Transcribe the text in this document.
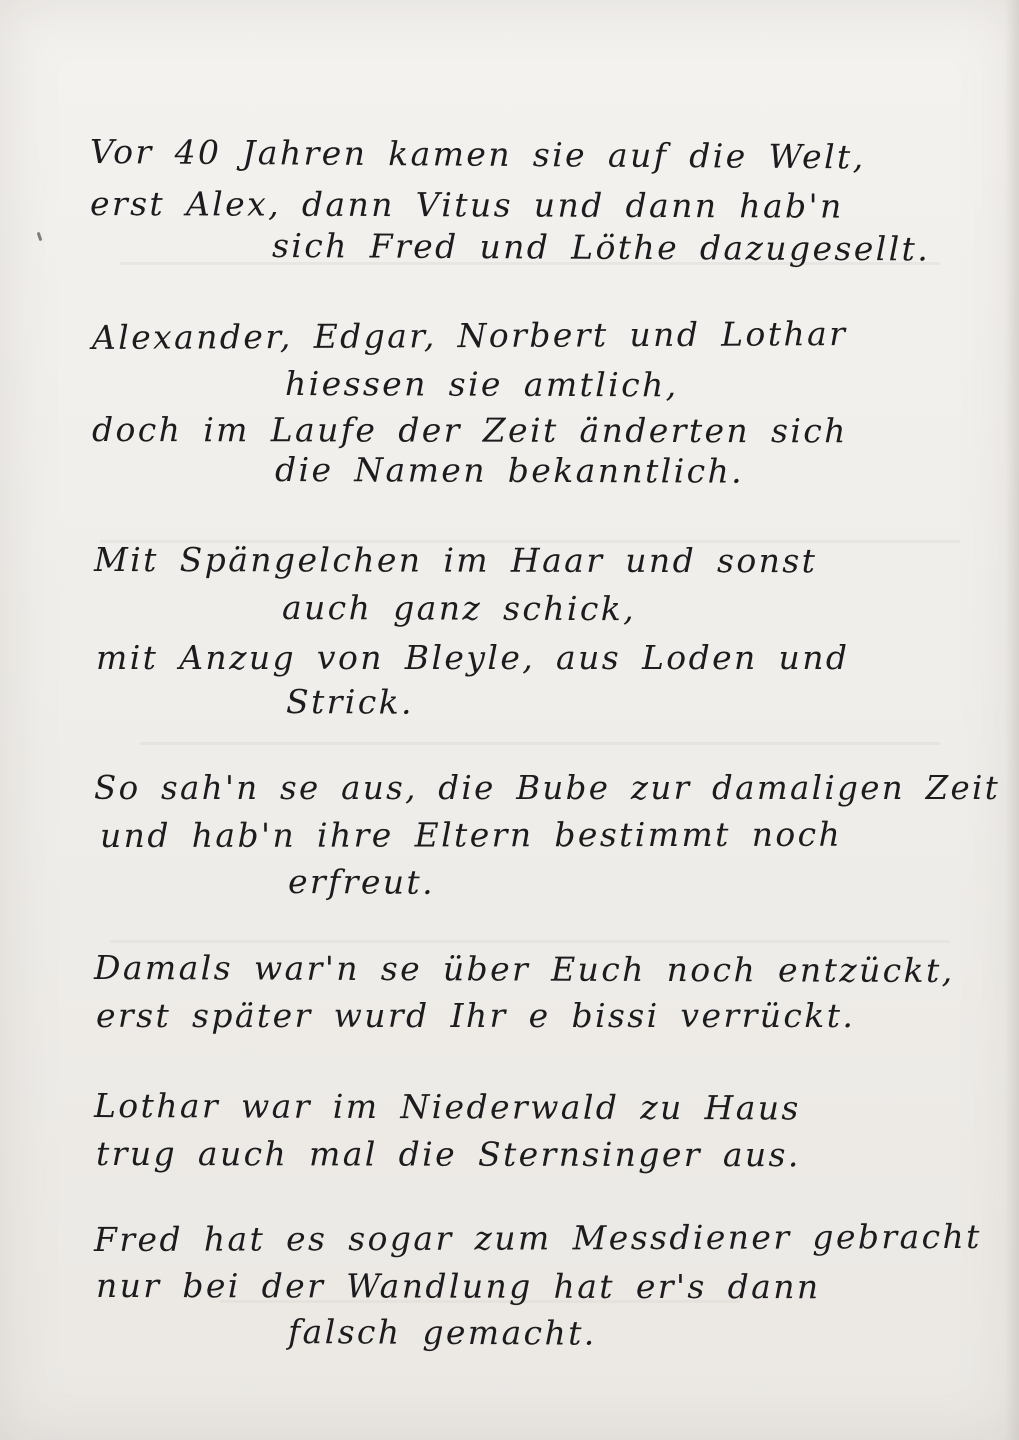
Vor 40 Jahren kamen sie auf die Welt,
erst Alex, dann Vitus und dann hab'n
sich Fred und Löthe dazugesellt.
Alexander, Edgar, Norbert und Lothar
hiessen sie amtlich,
doch im Laufe der Zeit änderten sich
die Namen bekanntlich.
Mit Spängelchen im Haar und sonst
auch ganz schick,
mit Anzug von Bleyle, aus Loden und
Strick.
So sah'n se aus, die Bube zur damaligen Zeit
und hab'n ihre Eltern bestimmt noch
erfreut.
Damals war'n se über Euch noch entzückt,
erst später wurd Ihr e bissi verrückt.
Lothar war im Niederwald zu Haus
trug auch mal die Sternsinger aus.
Fred hat es sogar zum Messdiener gebracht
nur bei der Wandlung hat er's dann
falsch gemacht.
